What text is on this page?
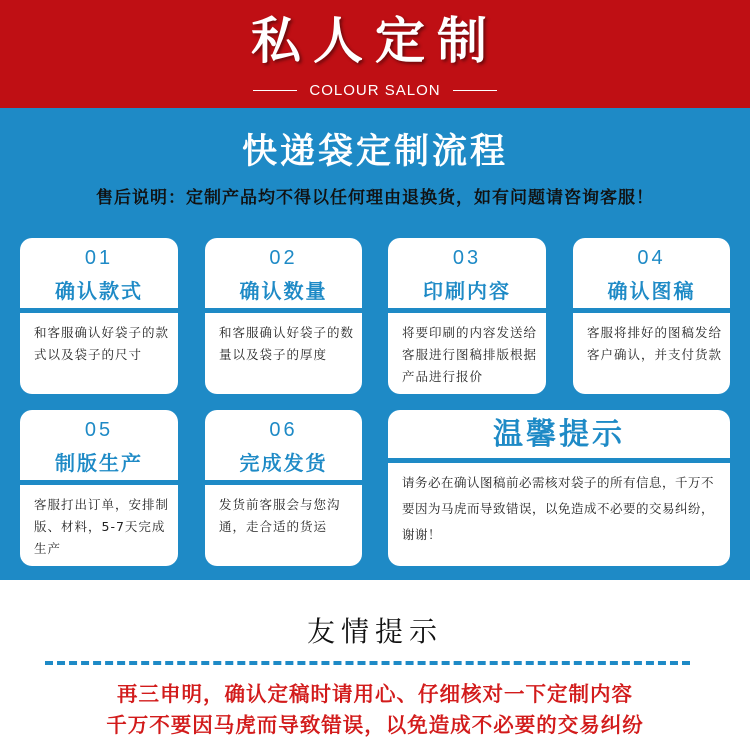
私人定制
COLOUR SALON
快递袋定制流程
售后说明：定制产品均不得以任何理由退换货，如有问题请咨询客服！
01
确认款式
和客服确认好袋子的款式以及袋子的尺寸
02
确认数量
和客服确认好袋子的数量以及袋子的厚度
03
印刷内容
将要印刷的内容发送给客服进行图稿排版根据产品进行报价
04
确认图稿
客服将排好的图稿发给客户确认，并支付货款
05
制版生产
客服打出订单，安排制版、材料，5-7天完成生产
06
完成发货
发货前客服会与您沟通，走合适的货运
温馨提示
请务必在确认图稿前必需核对袋子的所有信息，千万不要因为马虎而导致错误，以免造成不必要的交易纠纷，谢谢！
友情提示
再三申明，确认定稿时请用心、仔细核对一下定制内容
千万不要因马虎而导致错误，以免造成不必要的交易纠纷
